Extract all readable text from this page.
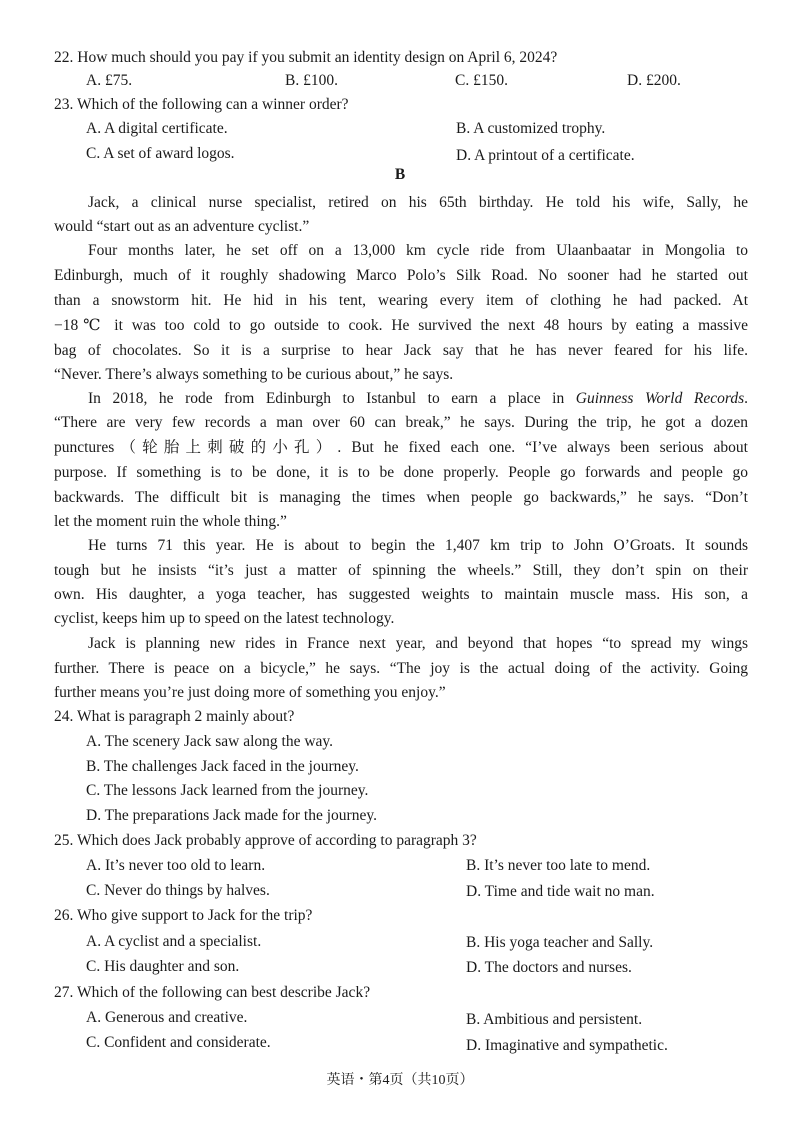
22. How much should you pay if you submit an identity design on April 6, 2024?
A. £75.	B. £100.	C. £150.	D. £200.
23. Which of the following can a winner order?
A. A digital certificate.	B. A customized trophy.
C. A set of award logos.	D. A printout of a certificate.
B
Jack, a clinical nurse specialist, retired on his 65th birthday. He told his wife, Sally, he
would “start out as an adventure cyclist.”
Four months later, he set off on a 13,000 km cycle ride from Ulaanbaatar in Mongolia to
Edinburgh, much of it roughly shadowing Marco Polo’s Silk Road. No sooner had he started out
than a snowstorm hit. He hid in his tent, wearing every item of clothing he had packed. At
−18℃ it was too cold to go outside to cook. He survived the next 48 hours by eating a massive
bag of chocolates. So it is a surprise to hear Jack say that he has never feared for his life.
“Never. There’s always something to be curious about,” he says.
In 2018, he rode from Edinburgh to Istanbul to earn a place in Guinness World Records.
“There are very few records a man over 60 can break,” he says. During the trip, he got a dozen
punctures（轮胎上刺破的小孔）. But he fixed each one. “I’ve always been serious about
purpose. If something is to be done, it is to be done properly. People go forwards and people go
backwards. The difficult bit is managing the times when people go backwards,” he says. “Don’t
let the moment ruin the whole thing.”
He turns 71 this year. He is about to begin the 1,407 km trip to John O’Groats. It sounds
tough but he insists “it’s just a matter of spinning the wheels.” Still, they don’t spin on their
own. His daughter, a yoga teacher, has suggested weights to maintain muscle mass. His son, a
cyclist, keeps him up to speed on the latest technology.
Jack is planning new rides in France next year, and beyond that hopes “to spread my wings
further. There is peace on a bicycle,” he says. “The joy is the actual doing of the activity. Going
further means you’re just doing more of something you enjoy.”
24. What is paragraph 2 mainly about?
A. The scenery Jack saw along the way.
B. The challenges Jack faced in the journey.
C. The lessons Jack learned from the journey.
D. The preparations Jack made for the journey.
25. Which does Jack probably approve of according to paragraph 3?
A. It’s never too old to learn.	B. It’s never too late to mend.
C. Never do things by halves.	D. Time and tide wait no man.
26. Who give support to Jack for the trip?
A. A cyclist and a specialist.	B. His yoga teacher and Sally.
C. His daughter and son.	D. The doctors and nurses.
27. Which of the following can best describe Jack?
A. Generous and creative.	B. Ambitious and persistent.
C. Confident and considerate.	D. Imaginative and sympathetic.
英语・第4页（共10页）
